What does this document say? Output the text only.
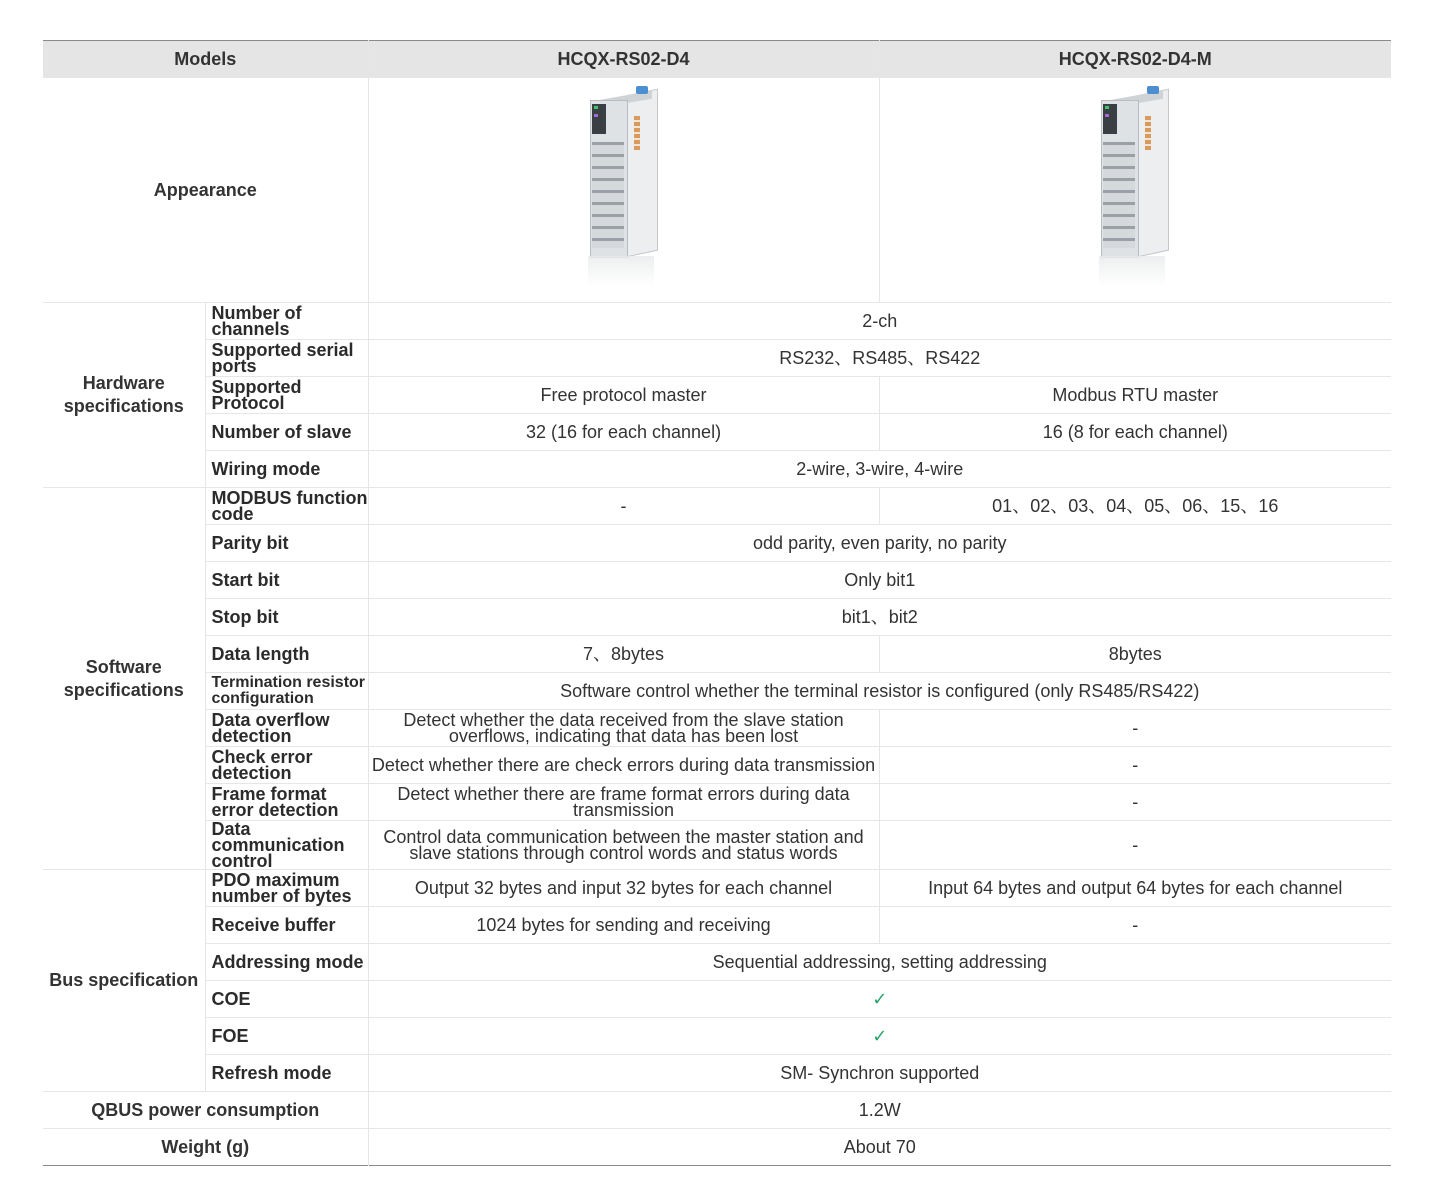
Models		HCQX-RS02-D4	HCQX-RS02-D4-M
Appearance		

Hardware specifications	Number of channels	2-ch	
	Supported serial ports	RS232、RS485、RS422	
	Supported Protocol	Free protocol master	Modbus RTU master
	Number of slave	32 (16 for each channel)	16 (8 for each channel)
	Wiring mode	2-wire, 3-wire, 4-wire	
Software specifications	MODBUS function code	-	01、02、03、04、05、06、15、16
	Parity bit	odd parity, even parity, no parity	
	Start bit	Only bit1	
	Stop bit	bit1、bit2	
	Data length	7、8bytes	8bytes
	Termination resistor configuration	Software control whether the terminal resistor is configured (only RS485/RS422)	
	Data overflow detection	Detect whether the data received from the slave station overflows, indicating that data has been lost	-
	Check error detection	Detect whether there are check errors during data transmission	-
	Frame format error detection	Detect whether there are frame format errors during data transmission	-
	Data communication control	Control data communication between the master station and slave stations through control words and status words	-
Bus specification	PDO maximum number of bytes	Output 32 bytes and input 32 bytes for each channel	Input 64 bytes and output 64 bytes for each channel
	Receive buffer	1024 bytes for sending and receiving	-
	Addressing mode	Sequential addressing, setting addressing	
	COE	✓	
	FOE	✓	
	Refresh mode	SM- Synchron supported	
QBUS power consumption		1.2W	
Weight (g)		About 70	
